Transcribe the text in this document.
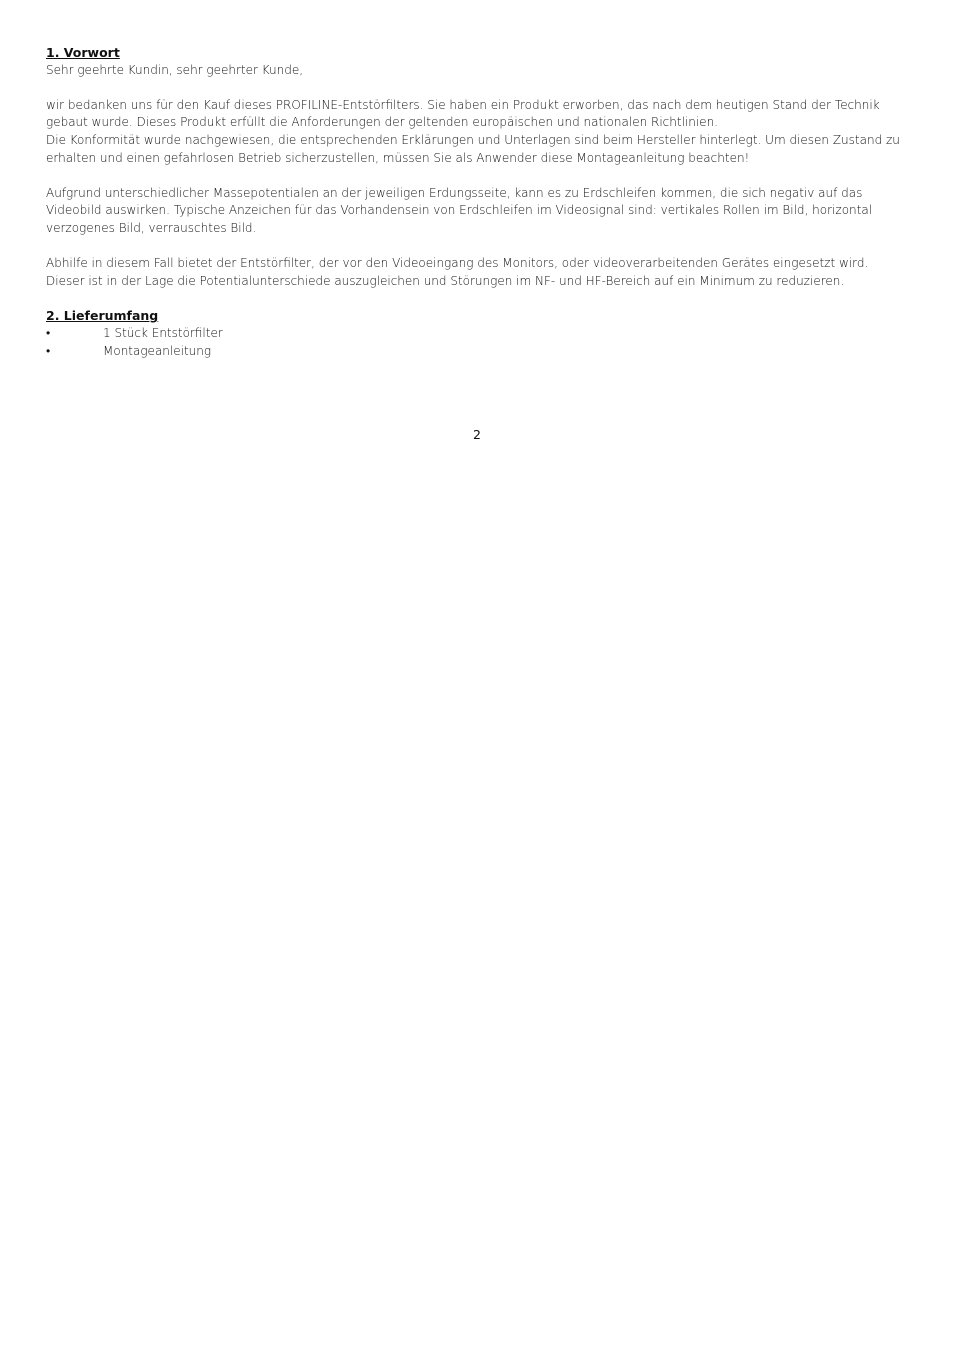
1. Vorwort

Sehr geehrte Kundin, sehr geehrter Kunde,

wir bedanken uns für den Kauf dieses PROFILINE-Entstörfilters. Sie haben ein Produkt erworben, das nach dem heutigen Stand der Technik gebaut wurde. Dieses Produkt erfüllt die Anforderungen der geltenden europäischen und nationalen Richtlinien.

Die Konformität wurde nachgewiesen, die entsprechenden Erklärungen und Unterlagen sind beim Hersteller hinterlegt. Um diesen Zustand zu erhalten und einen gefahrlosen Betrieb sicherzustellen, müssen Sie als Anwender diese Montageanleitung beachten!

Aufgrund unterschiedlicher Massepotentialen an der jeweiligen Erdungsseite, kann es zu Erdschleifen kommen, die sich negativ auf das Videobild auswirken. Typische Anzeichen für das Vorhandensein von Erdschleifen im Videosignal sind: vertikales Rollen im Bild, horizontal verzogenes Bild, verrauschtes Bild.

Abhilfe in diesem Fall bietet der Entstörfilter, der vor den Videoeingang des Monitors, oder videoverarbeitenden Gerätes eingesetzt wird.

Dieser ist in der Lage die Potentialunterschiede auszugleichen und Störungen im NF- und HF-Bereich auf ein Minimum zu reduzieren.

2. Lieferumfang
•	1 Stück Entstörfilter
•	Montageanleitung
2
